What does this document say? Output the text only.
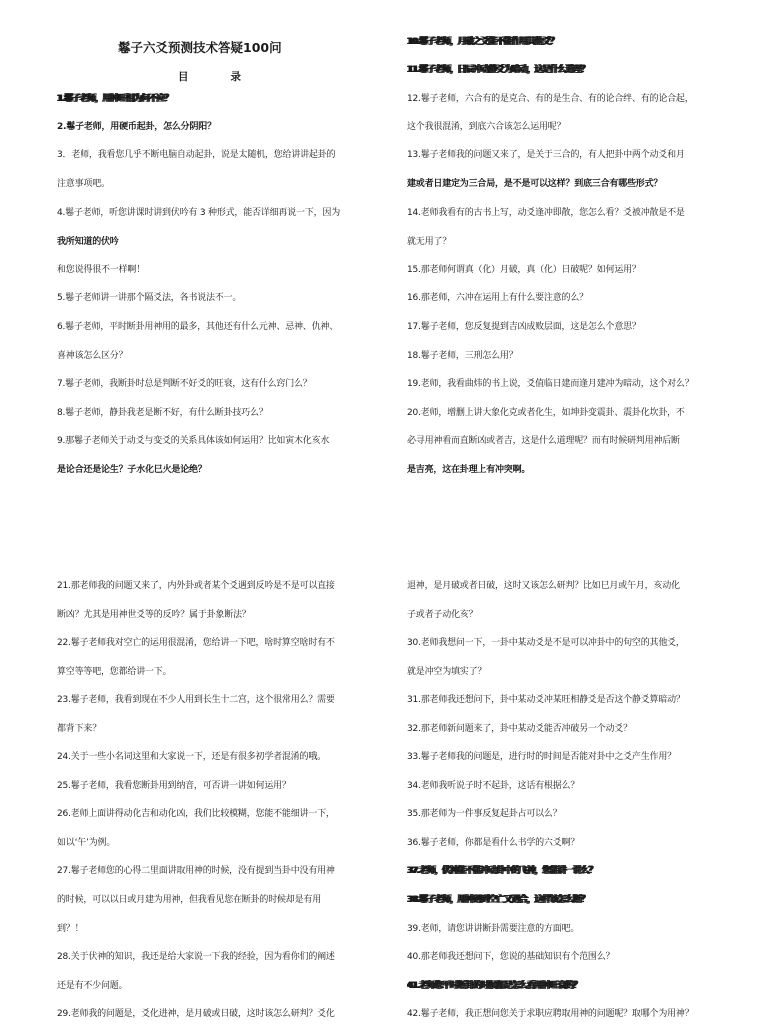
鬈子六爻预测技术答疑100问
目	录
1.鬈子老师，用神旺相为何不应？
2.鬈子老师，用硬币起卦，怎么分阴阳？
3．老师，我看您几乎不断电脑自动起卦，说是太随机，您给讲讲起卦的
注意事项吧。
4.鬈子老师，听您讲课时讲到伏吟有 3 种形式，能否详细再说一下，因为
我所知道的伏吟
和您说得很不一样啊！
5.鬈子老师讲一讲那个隔爻法，各书说法不一。
6.鬈子老师，平时断卦用神用的最多，其他还有什么元神、忌神、仇神、
喜神该怎么区分？
7.鬈子老师，我断卦时总是判断不好爻的旺衰，这有什么窍门么？
8.鬈子老师，静卦我老是断不好，有什么断卦技巧么？
9.那鬈子老师关于动爻与变爻的关系具体该如何运用？比如寅木化亥水
是论合还是论生？子水化巳火是论绝？
10.鬈子老师，月破之爻能不能作用其他爻？
11.鬈子老师，日辰冲动静爻为暗动，这是什么道理？
12.鬈子老师，六合有的是克合、有的是生合、有的论合绊、有的论合起，
这个我很混淆，到底六合该怎么运用呢？
13.鬈子老师我的问题又来了，是关于三合的，有人把卦中两个动爻和月
建或者日建定为三合局，是不是可以这样？到底三合有哪些形式？
14.老师我看有的古书上写，动爻逢冲即散，您怎么看？爻被冲散是不是
就无用了？
15.那老师何谓真（化）月破，真（化）日破呢？如何运用？
16.那老师，六冲在运用上有什么要注意的么？
17.鬈子老师，您反复提到吉凶成败层面，这是怎么个意思？
18.鬈子老师，三刑怎么用？
19.老师，我看曲炜的书上说，爻值临日建而逢月建冲为暗动，这个对么？
20.老师，增删上讲大象化克或者化生，如坤卦变震卦、震卦化坎卦，不
必寻用神看而直断凶或者吉，这是什么道理呢？而有时候研判用神后断
是吉亮，这在卦理上有冲突啊。
21.那老师我的问题又来了，内外卦或者某个爻遇到反吟是不是可以直接
断凶？尤其是用神世爻等的反吟？属于卦象断法？
22.鬈子老师我对空亡的运用很混淆，您给讲一下吧，啥时算空啥时有不
算空等等吧，您都给讲一下。
23.鬈子老师，我看到现在不少人用到长生十二宫，这个很常用么？需要
都背下来？
24.关于一些小名词这里和大家说一下，还是有很多初学者混淆的哦。
25.鬈子老师，我看您断卦用到纳音，可否讲一讲如何运用？
26.老师上面讲得动化吉和动化凶，我们比较模糊，您能不能细讲一下，
如以‘午’为例。
27.鬈子老师您的心得二里面讲取用神的时候，没有提到当卦中没有用神
的时候，可以以日或月建为用神，但我看见您在断卦的时候却是有用
到？！
28.关于伏神的知识，我还是给大家说一下我的经验，因为看你们的阐述
还是有不少问题。
29.老师我的问题是，爻化进神，是月破或日破，这时该怎么研判？爻化
退神，是月破或者日破，这时又该怎么研判？比如巳月或午月，亥动化
子或者子动化亥？
30.老师我想问一下，一卦中某动爻是不是可以冲卦中的旬空的其他爻，
就是冲空为填实了？
31.那老师我还想问下，卦中某动爻冲某旺相静爻是否这个静爻算暗动？
32.那老师新问题来了，卦中某动爻能否冲破另一个动爻？
33.鬈子老师我的问题是，进行时的时间是否能对卦中之爻产生作用？
34.老师我听说子时不起卦，这话有根据么？
35.那老师为一件事反复起卦占可以么？
36.鬈子老师，你都是看什么书学的六爻啊？
37.老师，伏神能不能冲动卦中的飞神，您能讲一讲么？
38.鬈子老师，用神遇到空亡又遇合，这样该怎么断？
39.老师，请您讲讲断卦需要注意的方面吧。
40.那老师我还想问下，您说的基础知识有个范围么？
41.老师您平时断卦的时候都是怎么看用神旺衰的？
42.鬈子老师，我正想问您关于求职应聘取用神的问题呢？取哪个为用神？
